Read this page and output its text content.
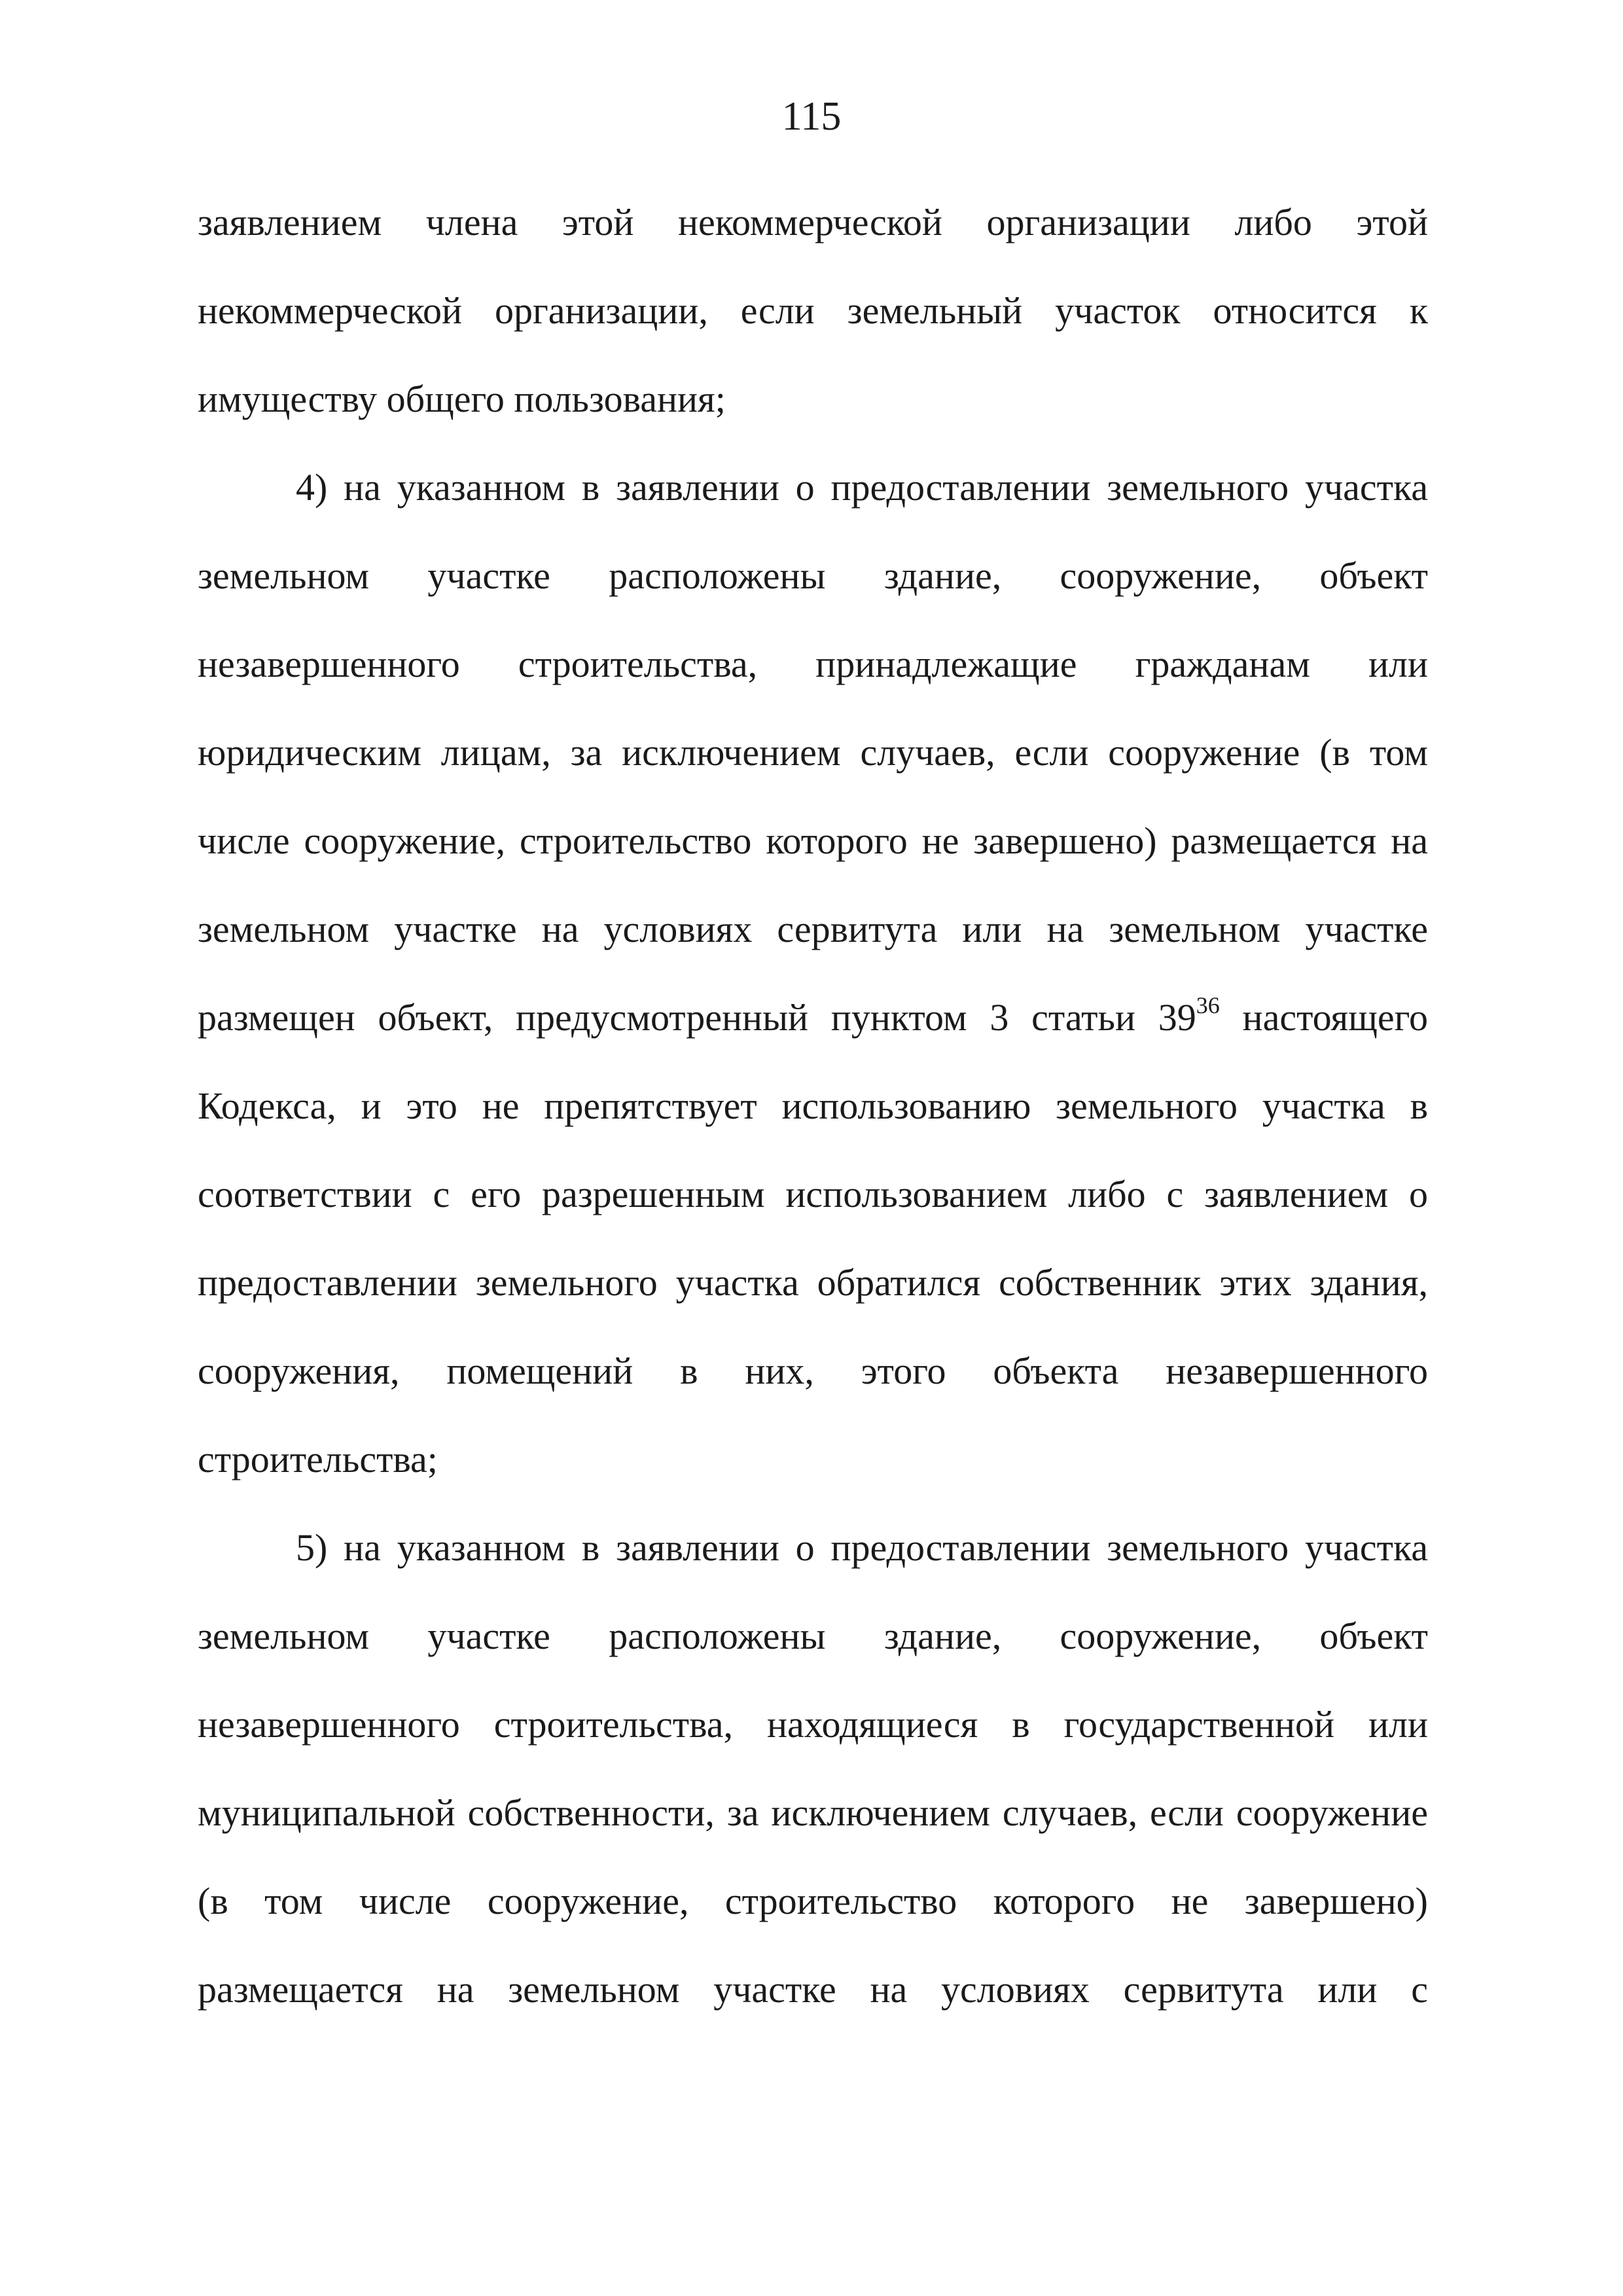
115

заявлением члена этой некоммерческой организации либо этой
некоммерческой организации, если земельный участок относится к
имуществу общего пользования;

4) на указанном в заявлении о предоставлении земельного участка
земельном участке расположены здание, сооружение, объект
незавершенного строительства, принадлежащие гражданам или
юридическим лицам, за исключением случаев, если сооружение (в том
числе сооружение, строительство которого не завершено) размещается на
земельном участке на условиях сервитута или на земельном участке
размещен объект, предусмотренный пунктом 3 статьи $39^{36}$ настоящего
Кодекса, и это не препятствует использованию земельного участка в
соответствии с его разрешенным использованием либо с заявлением о
предоставлении земельного участка обратился собственник этих здания,
сооружения, помещений в них, этого объекта незавершенного
строительства;

5) на указанном в заявлении о предоставлении земельного участка
земельном участке расположены здание, сооружение, объект
незавершенного строительства, находящиеся в государственной или
муниципальной собственности, за исключением случаев, если сооружение
(в том числе сооружение, строительство которого не завершено)
размещается на земельном участке на условиях сервитута или с
